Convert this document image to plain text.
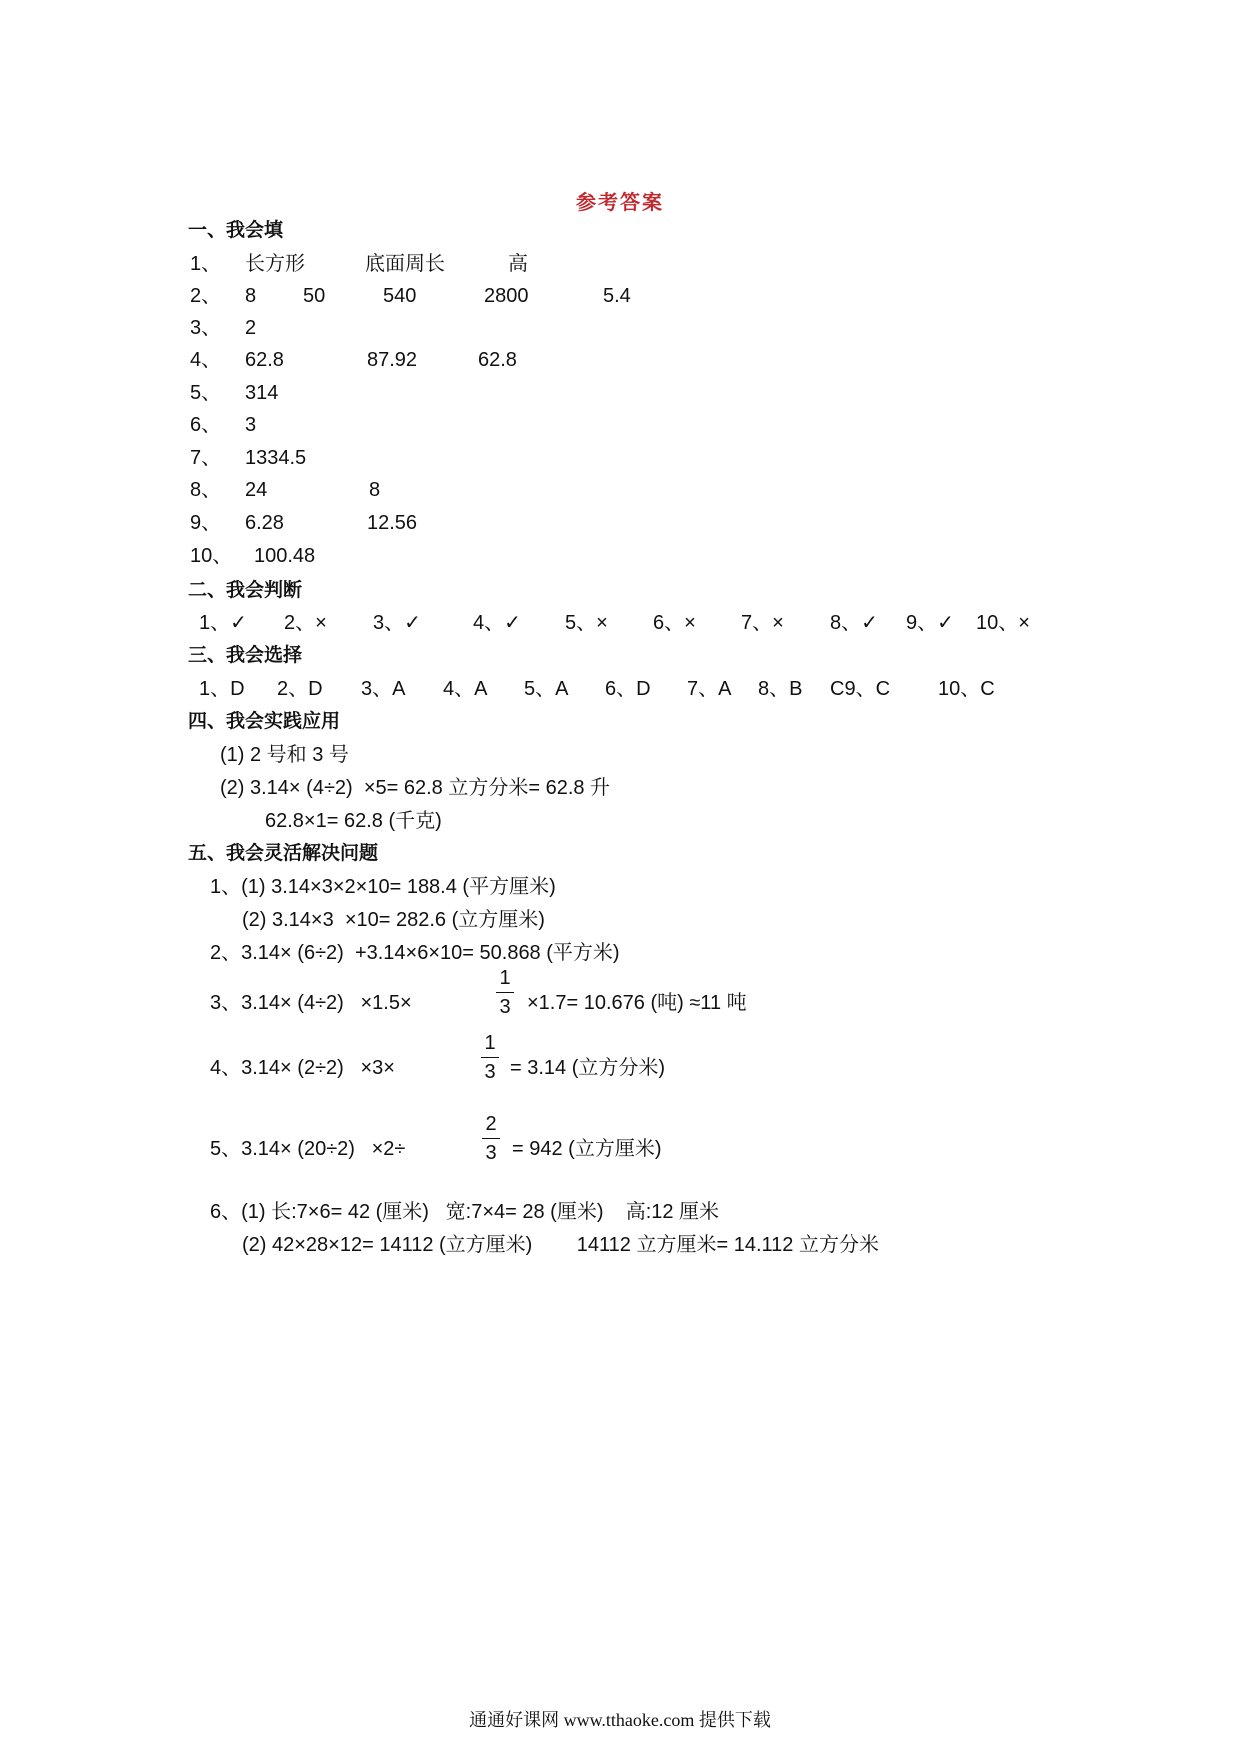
参考答案
一、我会填
1、 长方形	底面周长	高
2、 8 50	540	2800	5.4
3、 2
4、 62.8	87.92	62.8
5、 314
6、 3
7、 1334.5
8、 24	8
9、 6.28	12.56
10、 100.48
二、我会判断
1、✓ 2、× 3、✓	4、✓ 5、× 6、× 7、× 8、✓ 9、✓ 10、×
三、我会选择
1、D 2、D 3、A 4、A 5、A 6、D 7、A 8、B C9、C 10、C
四、我会实践应用
(1) 2 号和 3 号
(2) 3.14× (4÷2)  ×5= 62.8 立方分米= 62.8 升
62.8×1= 62.8 (千克)
五、我会灵活解决问题
1、(1) 3.14×3×2×10= 188.4 (平方厘米)
(2) 3.14×3  ×10= 282.6 (立方厘米)
2、3.14× (6÷2)  +3.14×6×10= 50.868 (平方米)
3、3.14× (4÷2)   ×1.5×
1
3 ×1.7= 10.676 (吨) ≈11 吨
4、3.14× (2÷2)   ×3×
1
3 = 3.14 (立方分米)
5、3.14× (20÷2)   ×2÷
2
3 = 942 (立方厘米)
6、(1) 长:7×6= 42 (厘米)   宽:7×4= 28 (厘米)    高:12 厘米
(2) 42×28×12= 14112 (立方厘米)        14112 立方厘米= 14.112 立方分米
通通好课网 www.tthaoke.com 提供下载
